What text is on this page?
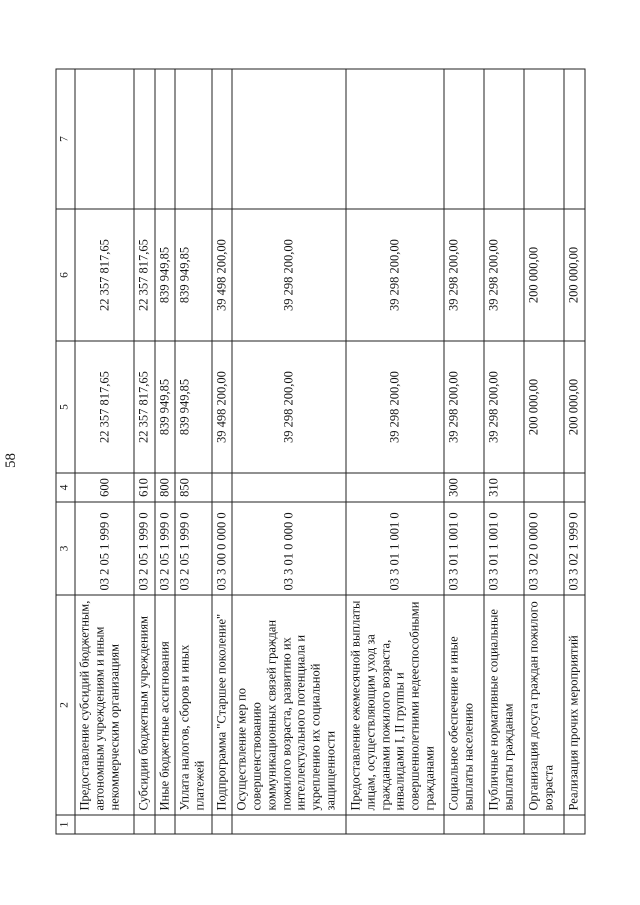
58
1	2	3	4	5	6	7
	Предоставление субсидий бюджетным, автономным учреждениям и иным некоммерческим организациям	03 2 05 1 999 0	600	22 357 817,65	22 357 817,65	
	Субсидии бюджетным учреждениям	03 2 05 1 999 0	610	22 357 817,65	22 357 817,65	
	Иные бюджетные ассигнования	03 2 05 1 999 0	800	839 949,85	839 949,85	
	Уплата налогов, сборов и иных платежей	03 2 05 1 999 0	850	839 949,85	839 949,85	
	Подпрограмма "Старшее поколение"	03 3 00 0 000 0		39 498 200,00	39 498 200,00	
	Осуществление мер по совершенствованию коммуникационных связей граждан пожилого возраста, развитию их интеллектуального потенциала и укреплению их социальной защищенности	03 3 01 0 000 0		39 298 200,00	39 298 200,00	
	Предоставление ежемесячной выплаты лицам, осуществляющим уход за гражданами пожилого возраста, инвалидами I, II группы и совершеннолетними недееспособными гражданами	03 3 01 1 001 0		39 298 200,00	39 298 200,00	
	Социальное обеспечение и иные выплаты населению	03 3 01 1 001 0	300	39 298 200,00	39 298 200,00	
	Публичные нормативные социальные выплаты гражданам	03 3 01 1 001 0	310	39 298 200,00	39 298 200,00	
	Организация досуга граждан пожилого возраста	03 3 02 0 000 0		200 000,00	200 000,00	
	Реализация прочих мероприятий	03 3 02 1 999 0		200 000,00	200 000,00	
